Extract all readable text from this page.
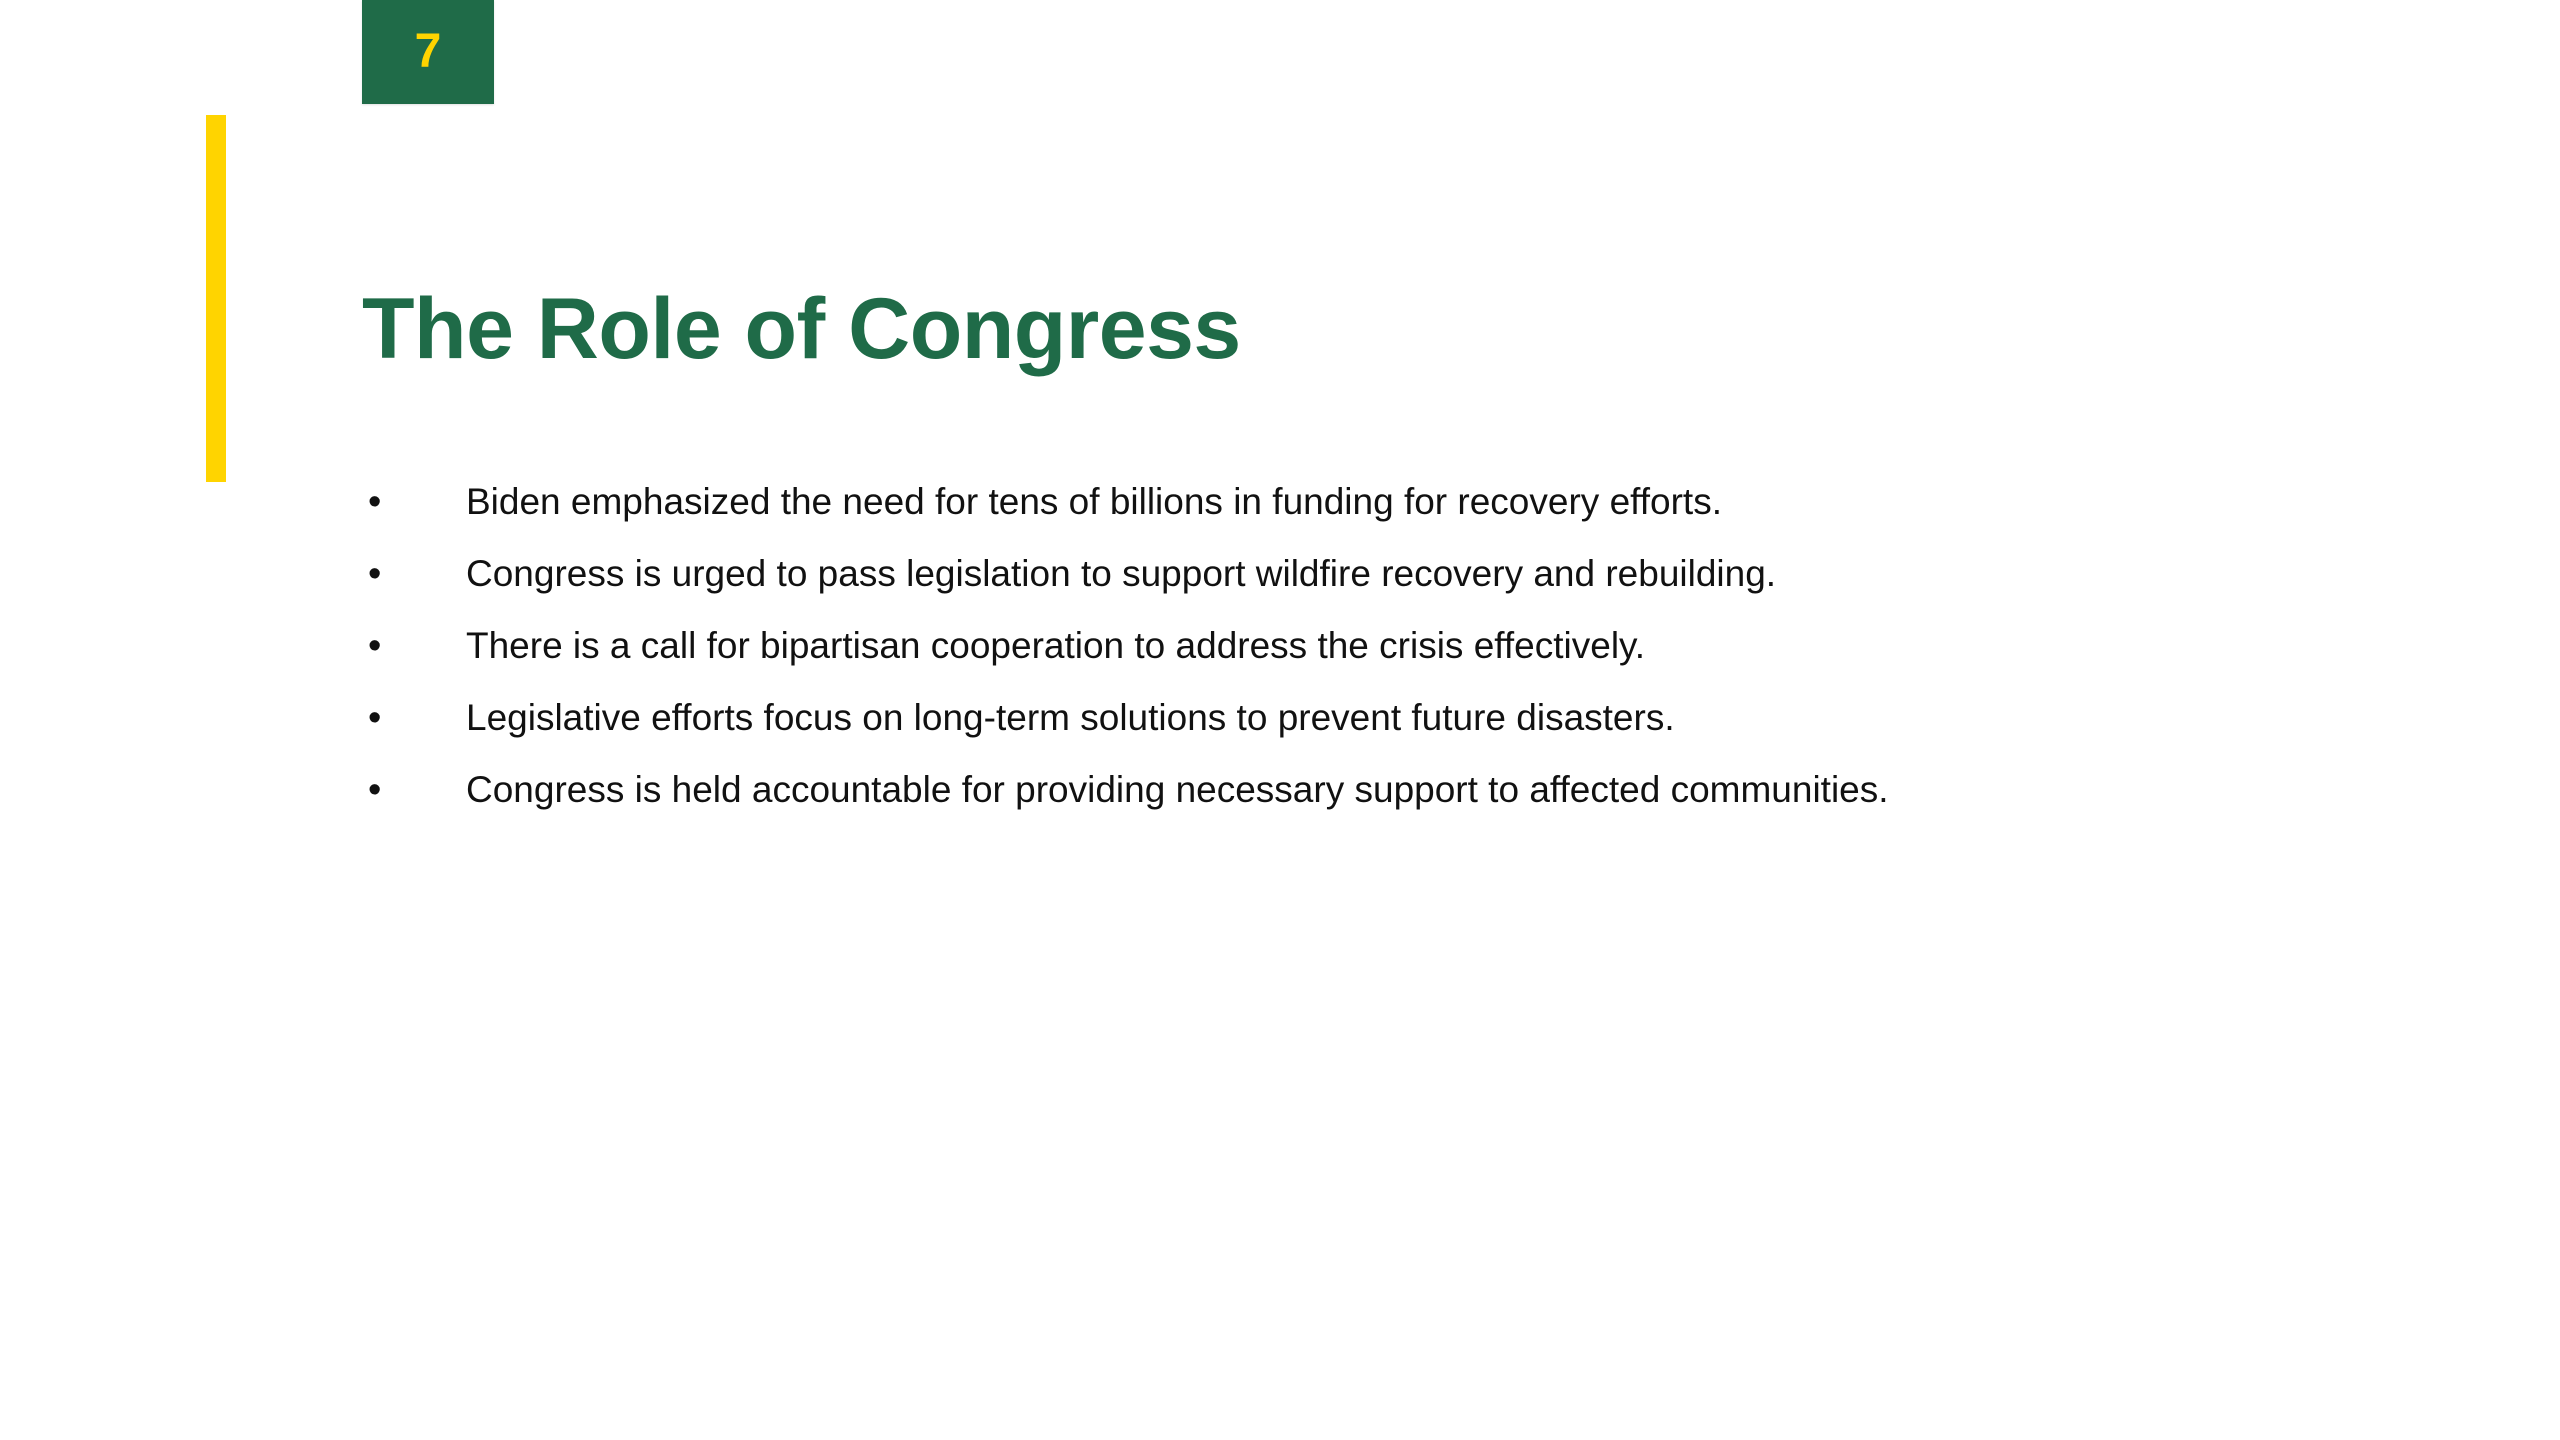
7
The Role of Congress
•	Biden emphasized the need for tens of billions in funding for recovery efforts.
•	Congress is urged to pass legislation to support wildfire recovery and rebuilding.
•	There is a call for bipartisan cooperation to address the crisis effectively.
•	Legislative efforts focus on long-term solutions to prevent future disasters.
•	Congress is held accountable for providing necessary support to affected communities.
